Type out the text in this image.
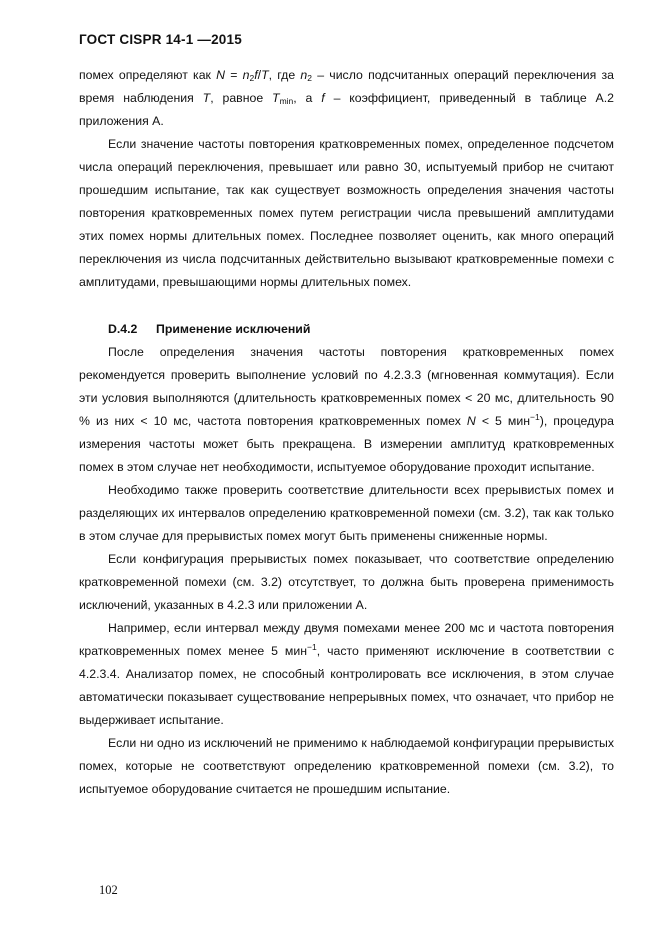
ГОСТ CISPR 14-1 —2015

помех определяют как $N = n_2f/T$, где $n_2$ – число подсчитанных операций переключения за время наблюдения T, равное $T_{min}$, а f – коэффициент, приведенный в таблице А.2 приложения А.

Если значение частоты повторения кратковременных помех, определенное подсчетом числа операций переключения, превышает или равно 30, испытуемый прибор не считают прошедшим испытание, так как существует возможность определения значения частоты повторения кратковременных помех путем регистрации числа превышений амплитудами этих помех нормы длительных помех. Последнее позволяет оценить, как много операций переключения из числа подсчитанных действительно вызывают кратковременные помехи с амплитудами, превышающими нормы длительных помех.

D.4.2 Применение исключений

После определения значения частоты повторения кратковременных помех рекомендуется проверить выполнение условий по 4.2.3.3 (мгновенная коммутация). Если эти условия выполняются (длительность кратковременных помех < 20 мс, длительность 90 % из них < 10 мс, частота повторения кратковременных помех N < 5 мин$^{-1}$), процедура измерения частоты может быть прекращена. В измерении амплитуд кратковременных помех в этом случае нет необходимости, испытуемое оборудование проходит испытание.

Необходимо также проверить соответствие длительности всех прерывистых помех и разделяющих их интервалов определению кратковременной помехи (см. 3.2), так как только в этом случае для прерывистых помех могут быть применены сниженные нормы.

Если конфигурация прерывистых помех показывает, что соответствие определению кратковременной помехи (см. 3.2) отсутствует, то должна быть проверена применимость исключений, указанных в 4.2.3 или приложении А.

Например, если интервал между двумя помехами менее 200 мс и частота повторения кратковременных помех менее 5 мин$^{-1}$, часто применяют исключение в соответствии с 4.2.3.4. Анализатор помех, не способный контролировать все исключения, в этом случае автоматически показывает существование непрерывных помех, что означает, что прибор не выдерживает испытание.

Если ни одно из исключений не применимо к наблюдаемой конфигурации прерывистых помех, которые не соответствуют определению кратковременной помехи (см. 3.2), то испытуемое оборудование считается не прошедшим испытание.

102
